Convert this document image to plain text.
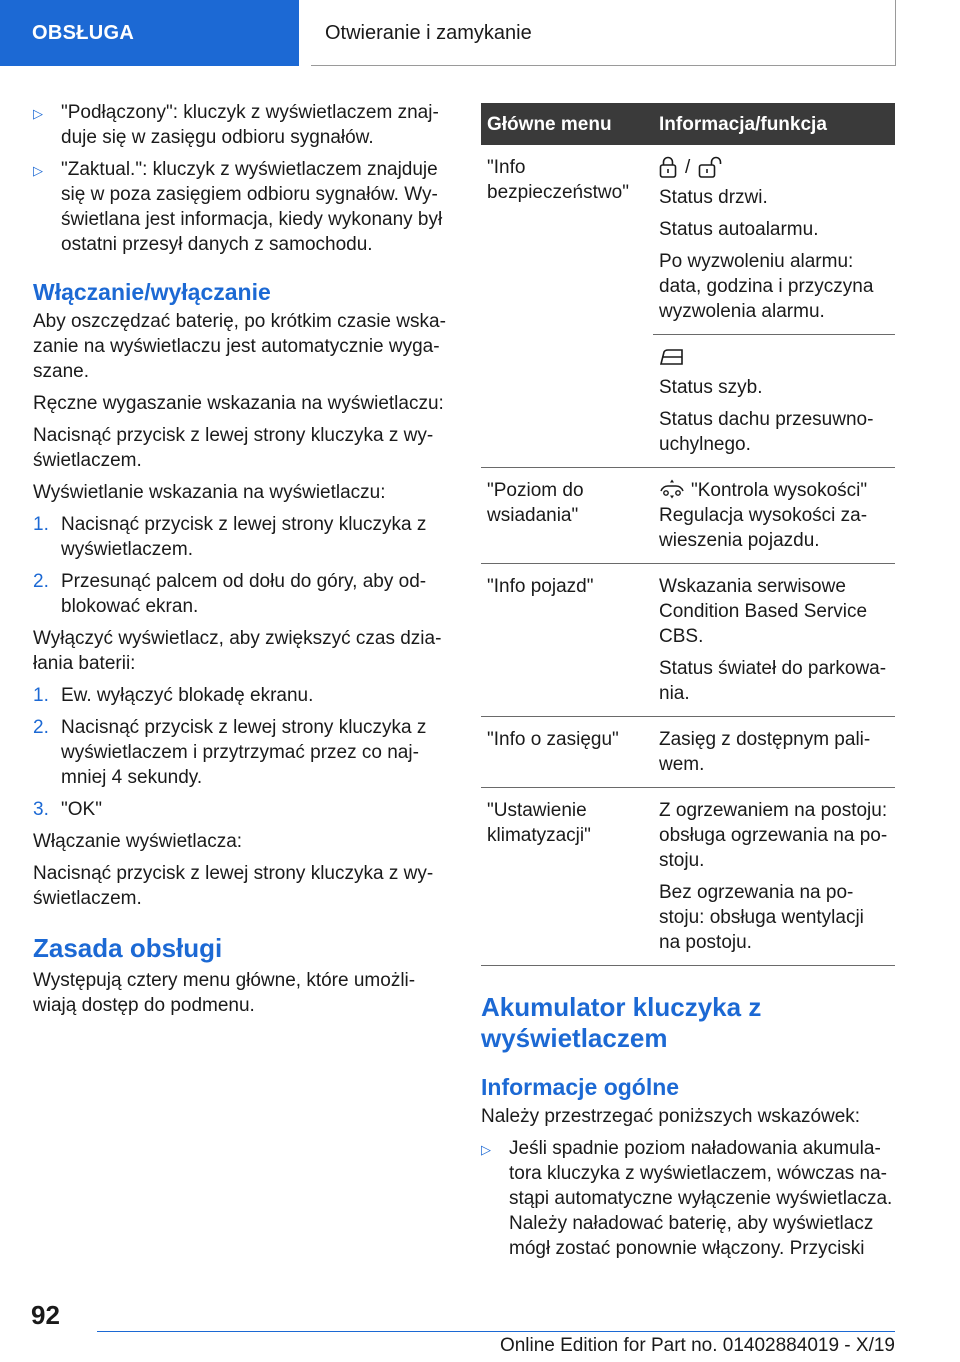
OBSŁUGA	Otwieranie i zamykanie
▷ "Podłączony": kluczyk z wyświetlaczem znajduje się w zasięgu odbioru sygnałów.
▷ "Zaktual.": kluczyk z wyświetlaczem znajduje się w poza zasięgiem odbioru sygnałów. Wyświetlana jest informacja, kiedy wykonany był ostatni przesył danych z samochodu.
Włączanie/wyłączanie

Aby oszczędzać baterię, po krótkim czasie wskazanie na wyświetlaczu jest automatycznie wygaszane.

Ręczne wygaszanie wskazania na wyświetlaczu:

Nacisnąć przycisk z lewej strony kluczyka z wyświetlaczem.

Wyświetlanie wskazania na wyświetlaczu:

1. Nacisnąć przycisk z lewej strony kluczyka z wyświetlaczem.
2. Przesunąć palcem od dołu do góry, aby odblokować ekran.

Wyłączyć wyświetlacz, aby zwiększyć czas działania baterii:

1. Ew. wyłączyć blokadę ekranu.
2. Nacisnąć przycisk z lewej strony kluczyka z wyświetlaczem i przytrzymać przez co najmniej 4 sekundy.
3. "OK"

Włączanie wyświetlacza:

Nacisnąć przycisk z lewej strony kluczyka z wyświetlaczem.

Zasada obsługi

Występują cztery menu główne, które umożliwiają dostęp do podmenu.

Główne menu	Informacja/funkcja
"Info bezpieczeństwo"	/

Status drzwi.

Status autoalarmu.

Po wyzwoleniu alarmu: data, godzina i przyczyna wyzwolenia alarmu.

	Status szyb.

Status dachu przesuwno-uchylnego.

"Poziom do wsiadania"	"Kontrola wysokości"
Regulacja wysokości zawieszenia pojazdu.

"Info pojazd"	Wskazania serwisowe Condition Based Service CBS.

Status świateł do parkowania.

"Info o zasięgu"	Zasięg z dostępnym paliwem.

"Ustawienie klimatyzacji"	Z ogrzewaniem na postoju: obsługa ogrzewania na postoju.

Bez ogrzewania na postoju: obsługa wentylacji na postoju.

Akumulator kluczyka z wyświetlaczem
Informacje ogólne

Należy przestrzegać poniższych wskazówek:

▷ Jeśli spadnie poziom naładowania akumulatora kluczyka z wyświetlaczem, wówczas nastąpi automatyczne wyłączenie wyświetlacza. Należy naładować baterię, aby wyświetlacz mógł zostać ponownie włączony. Przyciski
92
Online Edition for Part no. 01402884019 - X/19
